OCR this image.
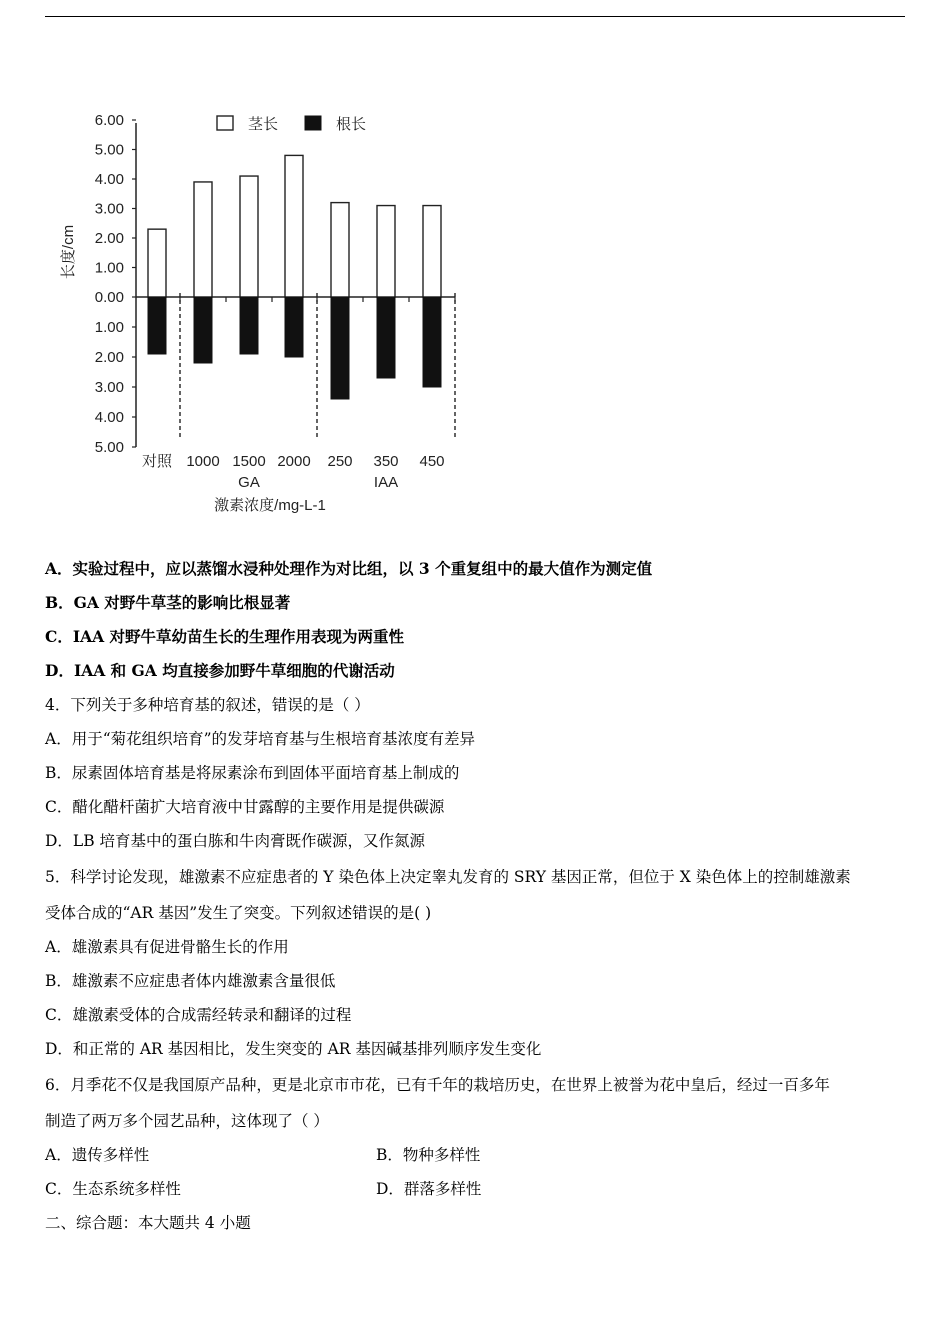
6.00
5.00
4.00
3.00
2.00
1.00
0.00
1.00
2.00
3.00
4.00
5.00
长度/cm
对照 1000 1500 2000 250 350 450
GA	IAA
激素浓度/mg-L-1
茎长	根长
A．实验过程中，应以蒸馏水浸种处理作为对比组，以 3 个重复组中的最大值作为测定值
B．GA 对野牛草茎的影响比根显著
C．IAA 对野牛草幼苗生长的生理作用表现为两重性
D．IAA 和 GA 均直接参加野牛草细胞的代谢活动
4．下列关于多种培育基的叙述，错误的是（ ）
A．用于“菊花组织培育”的发芽培育基与生根培育基浓度有差异
B．尿素固体培育基是将尿素涂布到固体平面培育基上制成的
C．醋化醋杆菌扩大培育液中甘露醇的主要作用是提供碳源
D．LB 培育基中的蛋白胨和牛肉膏既作碳源，又作氮源
5．科学讨论发现，雄激素不应症患者的 Y 染色体上决定睾丸发育的 SRY 基因正常，但位于 X 染色体上的控制雄激素
受体合成的“AR 基因”发生了突变。下列叙述错误的是( )
A．雄激素具有促进骨骼生长的作用
B．雄激素不应症患者体内雄激素含量很低
C．雄激素受体的合成需经转录和翻译的过程
D．和正常的 AR 基因相比，发生突变的 AR 基因碱基排列顺序发生变化
6．月季花不仅是我国原产品种，更是北京市市花，已有千年的栽培历史，在世界上被誉为花中皇后，经过一百多年
制造了两万多个园艺品种，这体现了（ ）
A．遗传多样性	B．物种多样性
C．生态系统多样性	D．群落多样性
二、综合题：本大题共 4 小题
